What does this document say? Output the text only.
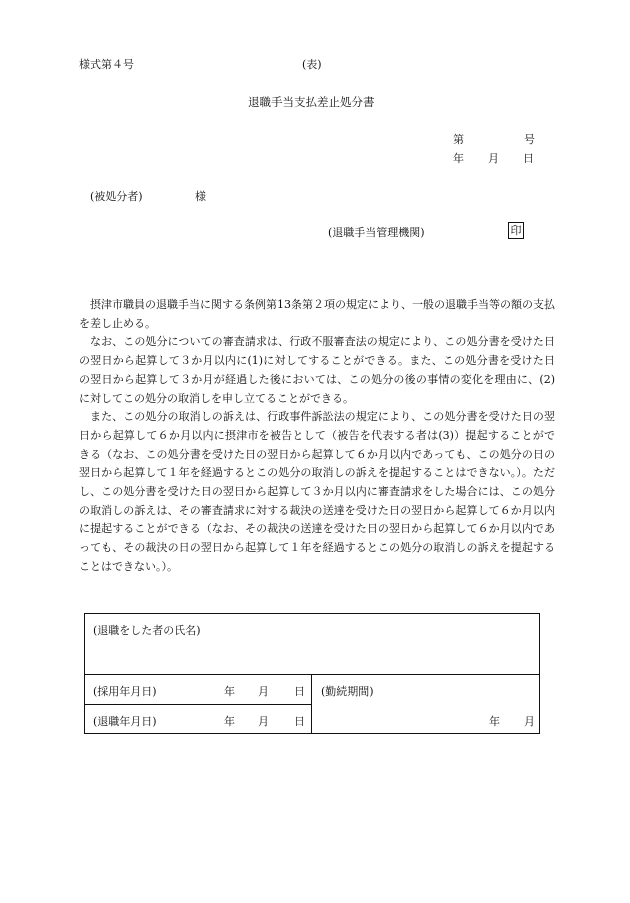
様式第４号	(表)
退職手当支払差止処分書
第	号
年 月 日
(被処分者)	様
(退職手当管理機関)	印

摂津市職員の退職手当に関する条例第13条第２項の規定により、一般の退職手当等の額の支払を差し止める。

なお、この処分についての審査請求は、行政不服審査法の規定により、この処分書を受けた日の翌日から起算して３か月以内に(1)に対してすることができる。また、この処分書を受けた日の翌日から起算して３か月が経過した後においては、この処分の後の事情の変化を理由に、(2)に対してこの処分の取消しを申し立てることができる。

また、この処分の取消しの訴えは、行政事件訴訟法の規定により、この処分書を受けた日の翌日から起算して６か月以内に摂津市を被告として（被告を代表する者は(3)）提起することができる（なお、この処分書を受けた日の翌日から起算して６か月以内であっても、この処分の日の翌日から起算して１年を経過するとこの処分の取消しの訴えを提起することはできない。）。ただし、この処分書を受けた日の翌日から起算して３か月以内に審査請求をした場合には、この処分の取消しの訴えは、その審査請求に対する裁決の送達を受けた日の翌日から起算して６か月以内に提起することができる（なお、その裁決の送達を受けた日の翌日から起算して６か月以内であっても、その裁決の日の翌日から起算して１年を経過するとこの処分の取消しの訴えを提起することはできない。）。

(退職をした者の氏名)
(採用年月日)	年 月 日
(退職年月日)	年 月 日
(勤続期間)
年 月
